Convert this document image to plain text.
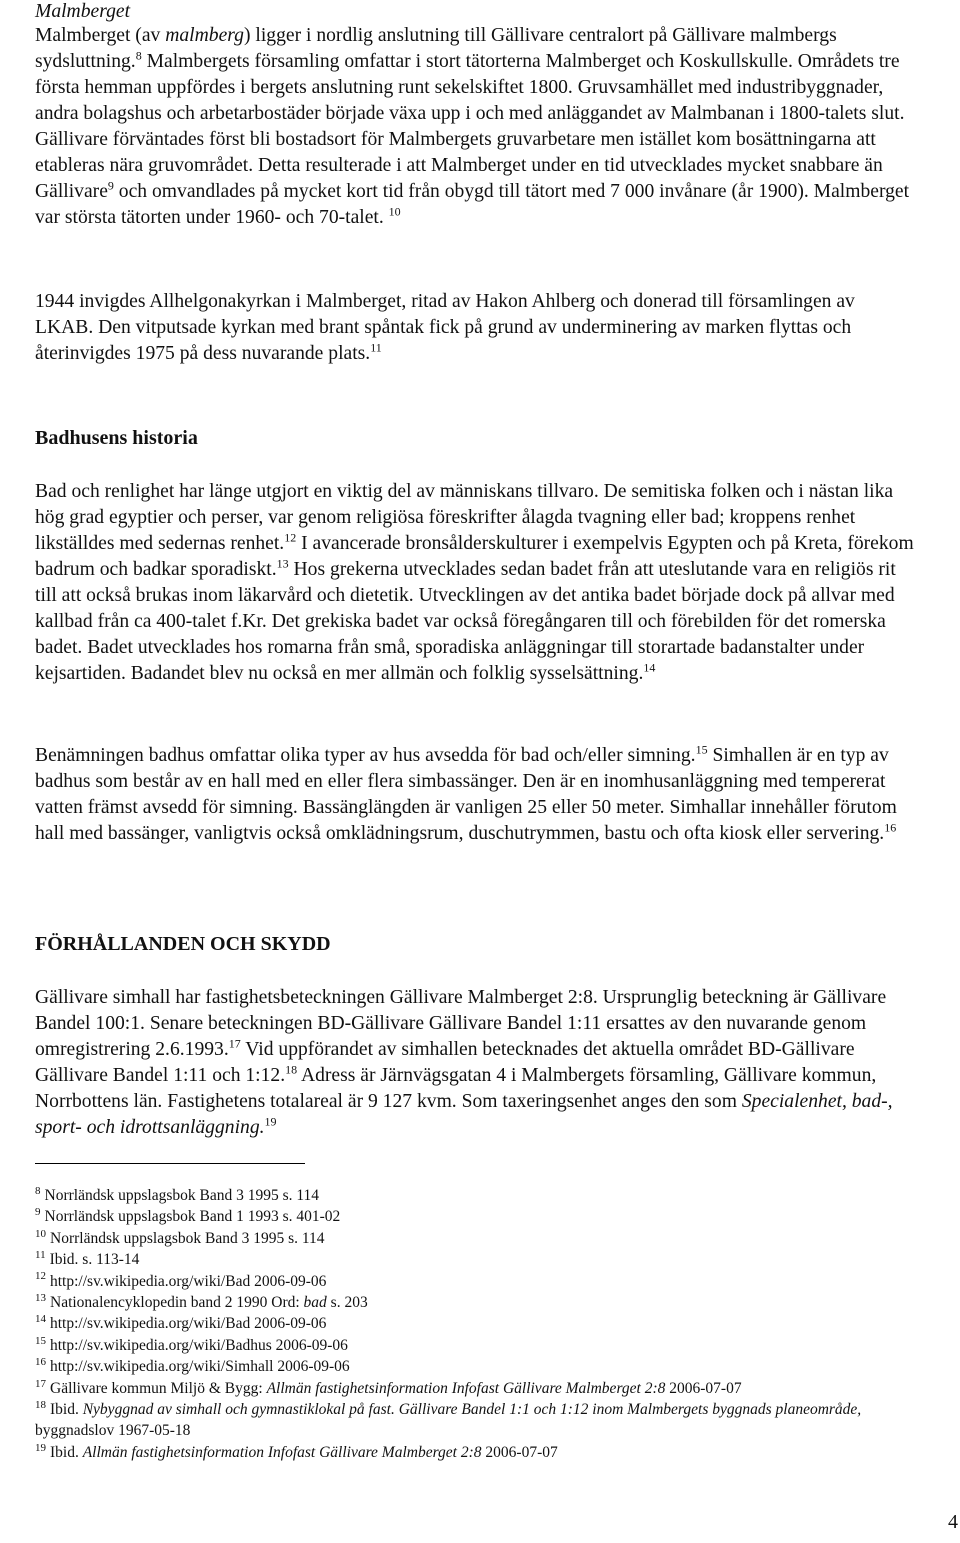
Malmberget

Malmberget (av malmberg) ligger i nordlig anslutning till Gällivare centralort på Gällivare malmbergs sydsluttning.$^8$ Malmbergets församling omfattar i stort tätorterna Malmberget och Koskullskulle. Områdets tre första hemman uppfördes i bergets anslutning runt sekelskiftet 1800. Gruvsamhället med industribyggnader, andra bolagshus och arbetarbostäder började växa upp i och med anläggandet av Malmbanan i 1800-talets slut. Gällivare förväntades först bli bostadsort för Malmbergets gruvarbetare men istället kom bosättningarna att etableras nära gruvområdet. Detta resulterade i att Malmberget under en tid utvecklades mycket snabbare än Gällivare$^9$ och omvandlades på mycket kort tid från obygd till tätort med 7 000 invånare (år 1900). Malmberget var största tätorten under 1960- och 70-talet. $^{10}$

1944 invigdes Allhelgonakyrkan i Malmberget, ritad av Hakon Ahlberg och donerad till församlingen av LKAB. Den vitputsade kyrkan med brant spåntak fick på grund av underminering av marken flyttas och återinvigdes 1975 på dess nuvarande plats.$^{11}$

Badhusens historia

Bad och renlighet har länge utgjort en viktig del av människans tillvaro. De semitiska folken och i nästan lika hög grad egyptier och perser, var genom religiösa föreskrifter ålagda tvagning eller bad; kroppens renhet likställdes med sedernas renhet.$^{12}$ I avancerade bronsålderskulturer i exempelvis Egypten och på Kreta, förekom badrum och badkar sporadiskt.$^{13}$ Hos grekerna utvecklades sedan badet från att uteslutande vara en religiös rit till att också brukas inom läkarvård och dietetik. Utvecklingen av det antika badet började dock på allvar med kallbad från ca 400-talet f.Kr. Det grekiska badet var också föregångaren till och förebilden för det romerska badet. Badet utvecklades hos romarna från små, sporadiska anläggningar till storartade badanstalter under kejsartiden. Badandet blev nu också en mer allmän och folklig sysselsättning.$^{14}$

Benämningen badhus omfattar olika typer av hus avsedda för bad och/eller simning.$^{15}$ Simhallen är en typ av badhus som består av en hall med en eller flera simbassänger. Den är en inomhusanläggning med tempererat vatten främst avsedd för simning. Bassänglängden är vanligen 25 eller 50 meter. Simhallar innehåller förutom hall med bassänger, vanligtvis också omklädningsrum, duschutrymmen, bastu och ofta kiosk eller servering.$^{16}$

FÖRHÅLLANDEN OCH SKYDD

Gällivare simhall har fastighetsbeteckningen Gällivare Malmberget 2:8. Ursprunglig beteckning är Gällivare Bandel 100:1. Senare beteckningen BD-Gällivare Gällivare Bandel 1:11 ersattes av den nuvarande genom omregistrering 2.6.1993.17 Vid uppförandet av simhallen betecknades det aktuella området BD-Gällivare Gällivare Bandel 1:11 och 1:12.18 Adress är Järnvägsgatan 4 i Malmbergets församling, Gällivare kommun, Norrbottens län. Fastighetens totalareal är 9 127 kvm. Som taxeringsenhet anges den som Specialenhet, bad-, sport- och idrottsanläggning.$^{19}$

$^8$ Norrländsk uppslagsbok Band 3 1995 s. 114
$^9$ Norrländsk uppslagsbok Band 1 1993 s. 401-02
$^{10}$ Norrländsk uppslagsbok Band 3 1995 s. 114
$^{11}$ Ibid. s. 113-14
$^{12}$ http://sv.wikipedia.org/wiki/Bad 2006-09-06
$^{13}$ Nationalencyklopedin band 2 1990 Ord: bad s. 203
$^{14}$ http://sv.wikipedia.org/wiki/Bad 2006-09-06
$^{15}$ http://sv.wikipedia.org/wiki/Badhus 2006-09-06
$^{16}$ http://sv.wikipedia.org/wiki/Simhall 2006-09-06
$^{17}$ Gällivare kommun Miljö & Bygg: Allmän fastighetsinformation Infofast Gällivare Malmberget 2:8 2006-07-07
$^{18}$ Ibid. Nybyggnad av simhall och gymnastiklokal på fast. Gällivare Bandel 1:1 och 1:12 inom Malmbergets byggnads planeområde, byggnadslov 1967-05-18
$^{19}$ Ibid. Allmän fastighetsinformation Infofast Gällivare Malmberget 2:8 2006-07-07
4
